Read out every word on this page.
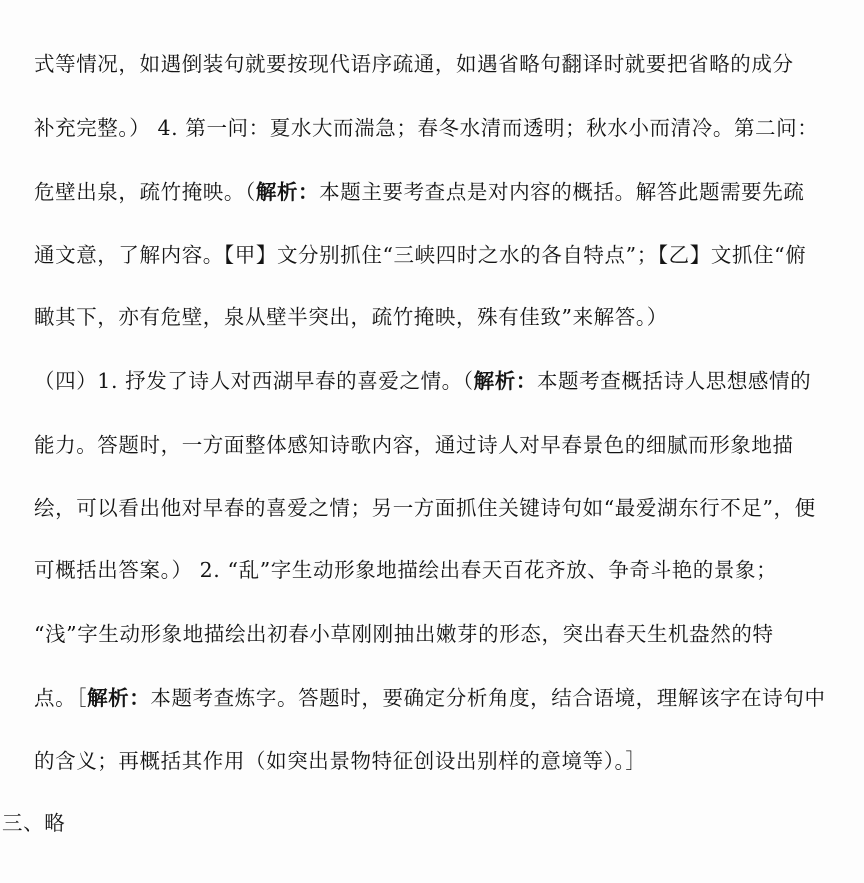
式等情况，如遇倒装句就要按现代语序疏通，如遇省略句翻译时就要把省略的成分
补充完整。） 4. 第一问：夏水大而湍急；春冬水清而透明；秋水小而清冷。第二问：
危壁出泉，疏竹掩映。（解析：本题主要考查点是对内容的概括。解答此题需要先疏
通文意，了解内容。【甲】文分别抓住“三峡四时之水的各自特点”；【乙】文抓住“俯
瞰其下，亦有危壁，泉从壁半突出，疏竹掩映，殊有佳致”来解答。）
（四）1. 抒发了诗人对西湖早春的喜爱之情。（解析：本题考查概括诗人思想感情的
能力。答题时，一方面整体感知诗歌内容，通过诗人对早春景色的细腻而形象地描
绘，可以看出他对早春的喜爱之情；另一方面抓住关键诗句如“最爱湖东行不足”，便
可概括出答案。） 2. “乱”字生动形象地描绘出春天百花齐放、争奇斗艳的景象；
“浅”字生动形象地描绘出初春小草刚刚抽出嫩芽的形态，突出春天生机盎然的特
点。［解析：本题考查炼字。答题时，要确定分析角度，结合语境，理解该字在诗句中
的含义；再概括其作用（如突出景物特征创设出别样的意境等）。］
三、略
